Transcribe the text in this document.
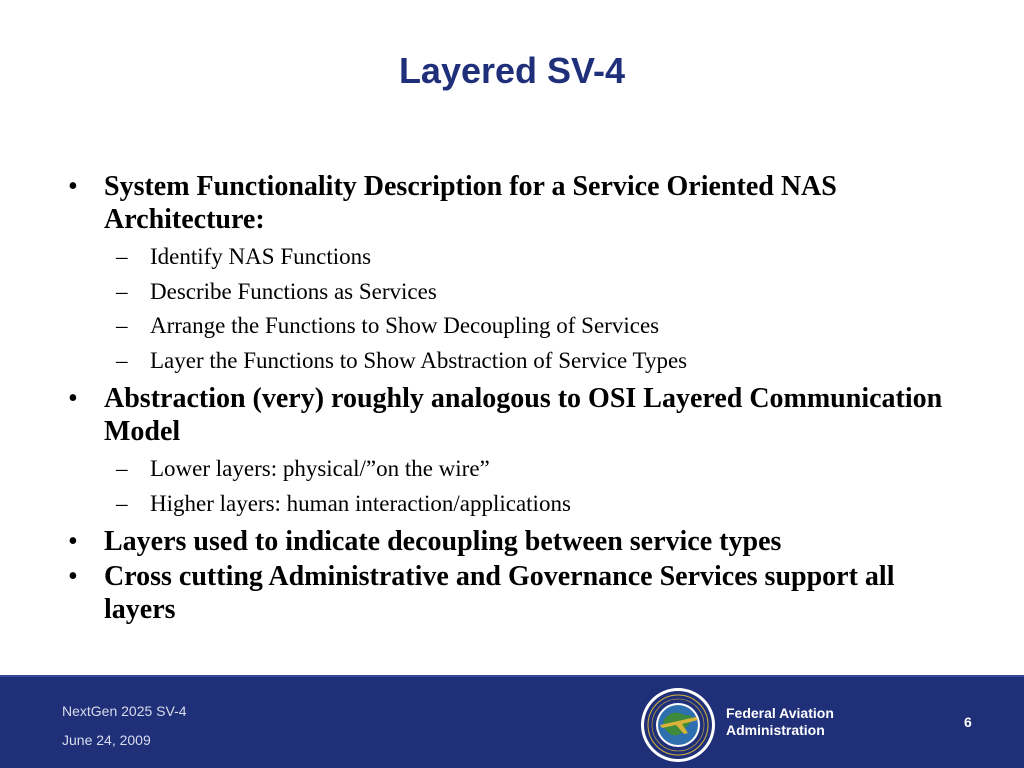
Layered SV-4
• System Functionality Description for a Service Oriented NAS Architecture:
– Identify NAS Functions
– Describe Functions as Services
– Arrange the Functions to Show Decoupling of Services
– Layer the Functions to Show Abstraction of Service Types
• Abstraction (very) roughly analogous to OSI Layered Communication Model
– Lower layers: physical/”on the wire”
– Higher layers: human interaction/applications
• Layers used to indicate decoupling between service types
• Cross cutting Administrative and Governance Services support all layers
NextGen 2025 SV-4
June 24, 2009
Federal Aviation
Administration	6
